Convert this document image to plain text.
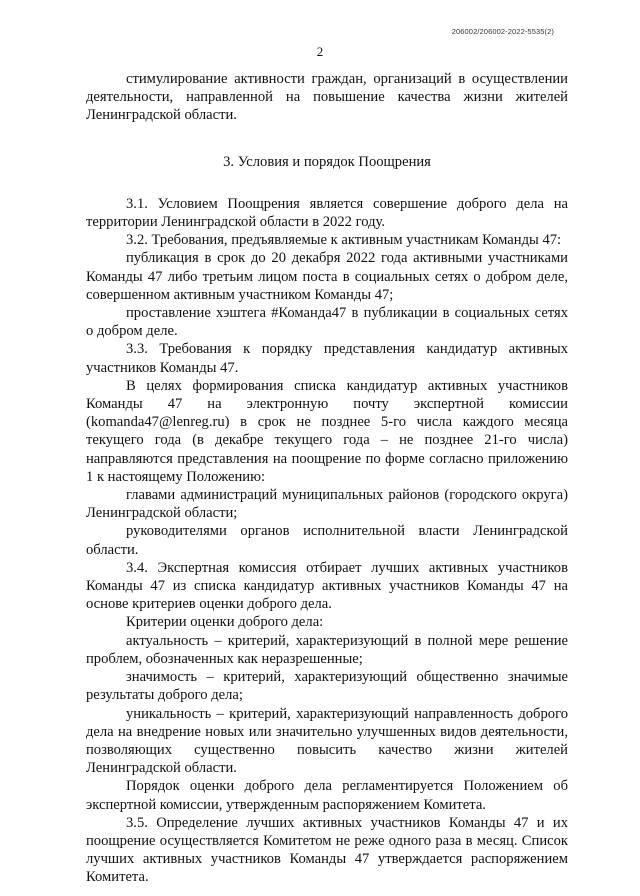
206002/206002-2022-5535(2)
2

стимулирование активности граждан, организаций в осуществлении деятельности, направленной на повышение качества жизни жителей Ленинградской области.

3. Условия и порядок Поощрения

3.1. Условием Поощрения является совершение доброго дела на территории Ленинградской области в 2022 году.

3.2. Требования, предъявляемые к активным участникам Команды 47:

публикация в срок до 20 декабря 2022 года активными участниками Команды 47 либо третьим лицом поста в социальных сетях о добром деле, совершенном активным участником Команды 47;

проставление хэштега #Команда47 в публикации в социальных сетях о добром деле.

3.3. Требования к порядку представления кандидатур активных участников Команды 47.

В целях формирования списка кандидатур активных участников Команды 47 на электронную почту экспертной комиссии (komanda47@lenreg.ru) в срок не позднее 5-го числа каждого месяца текущего года (в декабре текущего года – не позднее 21-го числа) направляются представления на поощрение по форме согласно приложению 1 к настоящему Положению:

главами администраций муниципальных районов (городского округа) Ленинградской области;

руководителями органов исполнительной власти Ленинградской области.

3.4. Экспертная комиссия отбирает лучших активных участников Команды 47 из списка кандидатур активных участников Команды 47 на основе критериев оценки доброго дела.

Критерии оценки доброго дела:

актуальность – критерий, характеризующий в полной мере решение проблем, обозначенных как неразрешенные;

значимость – критерий, характеризующий общественно значимые результаты доброго дела;

уникальность – критерий, характеризующий направленность доброго дела на внедрение новых или значительно улучшенных видов деятельности, позволяющих существенно повысить качество жизни жителей Ленинградской области.

Порядок оценки доброго дела регламентируется Положением об экспертной комиссии, утвержденным распоряжением Комитета.

3.5. Определение лучших активных участников Команды 47 и их поощрение осуществляется Комитетом не реже одного раза в месяц. Список лучших активных участников Команды 47 утверждается распоряжением Комитета.
